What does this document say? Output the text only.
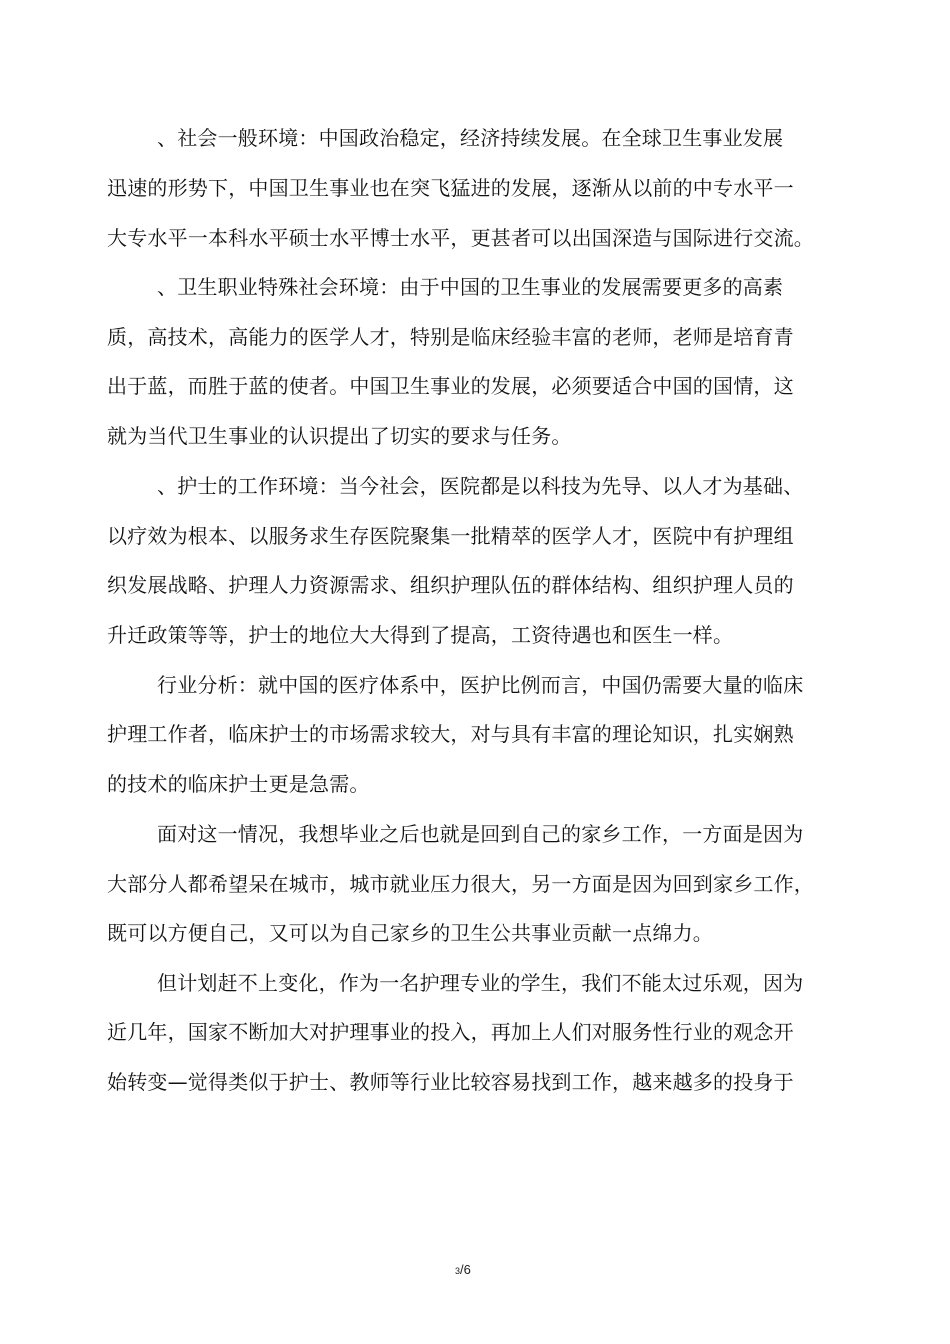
、社会一般环境：中国政治稳定，经济持续发展。在全球卫生事业发展
迅速的形势下，中国卫生事业也在突飞猛进的发展，逐渐从以前的中专水平一
大专水平一本科水平硕士水平博士水平，更甚者可以出国深造与国际进行交流。
、卫生职业特殊社会环境：由于中国的卫生事业的发展需要更多的高素
质，高技术，高能力的医学人才，特别是临床经验丰富的老师，老师是培育青
出于蓝，而胜于蓝的使者。中国卫生事业的发展，必须要适合中国的国情，这
就为当代卫生事业的认识提出了切实的要求与任务。
、护士的工作环境：当今社会，医院都是以科技为先导、以人才为基础、
以疗效为根本、以服务求生存医院聚集一批精萃的医学人才，医院中有护理组
织发展战略、护理人力资源需求、组织护理队伍的群体结构、组织护理人员的
升迁政策等等，护士的地位大大得到了提高，工资待遇也和医生一样。
行业分析：就中国的医疗体系中，医护比例而言，中国仍需要大量的临床
护理工作者，临床护士的市场需求较大，对与具有丰富的理论知识，扎实娴熟
的技术的临床护士更是急需。
面对这一情况，我想毕业之后也就是回到自己的家乡工作，一方面是因为
大部分人都希望呆在城市，城市就业压力很大，另一方面是因为回到家乡工作，
既可以方便自己，又可以为自己家乡的卫生公共事业贡献一点绵力。
但计划赶不上变化，作为一名护理专业的学生，我们不能太过乐观，因为
近几年，国家不断加大对护理事业的投入，再加上人们对服务性行业的观念开
始转变—觉得类似于护士、教师等行业比较容易找到工作，越来越多的投身于
3/6
